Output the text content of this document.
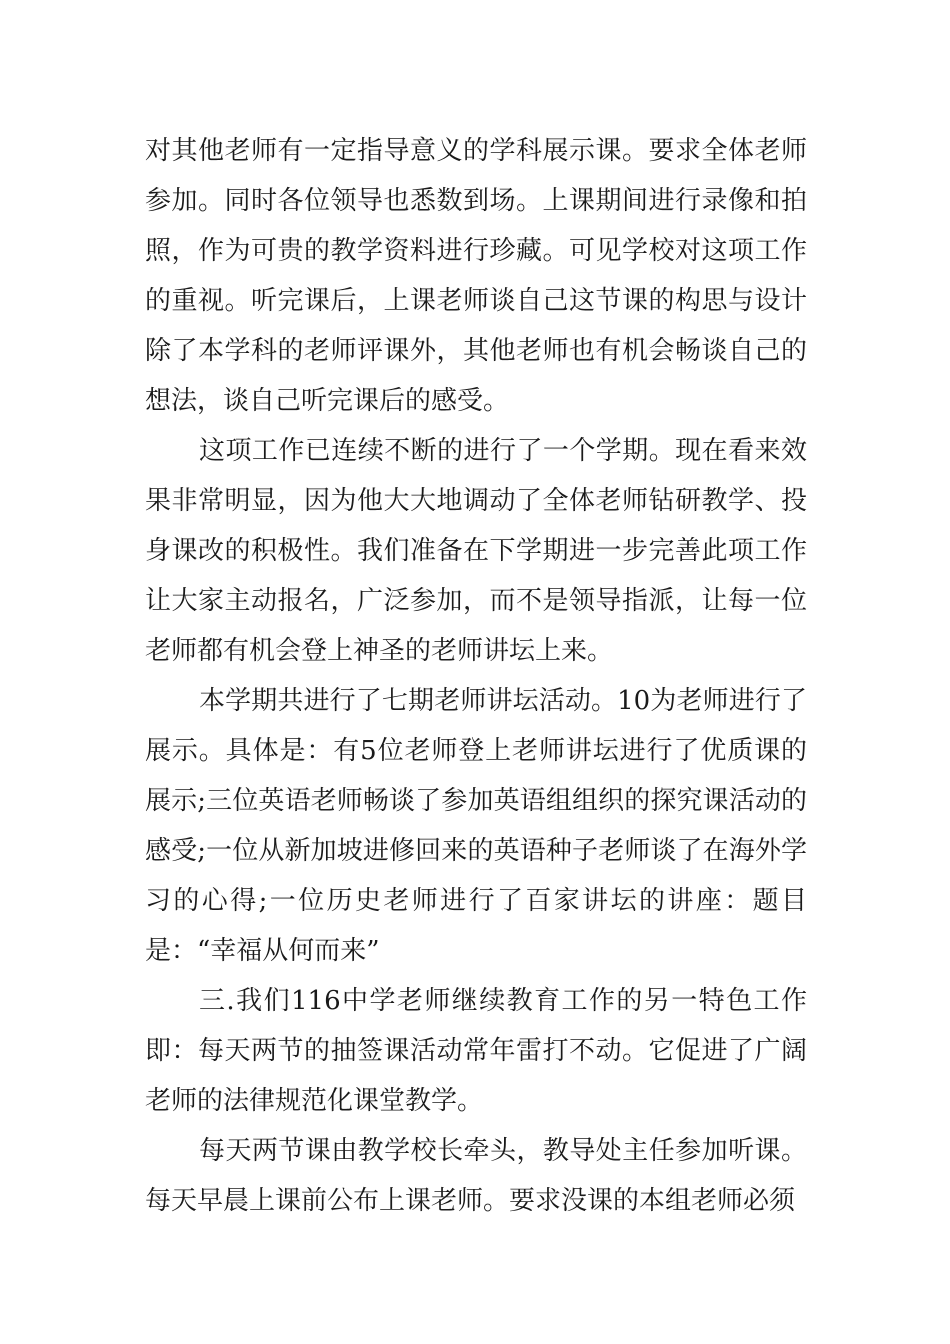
对其他老师有一定指导意义的学科展示课。要求全体老师参加。同时各位领导也悉数到场。上课期间进行录像和拍照，作为可贵的教学资料进行珍藏。可见学校对这项工作的重视。听完课后，上课老师谈自己这节课的构思与设计除了本学科的老师评课外，其他老师也有机会畅谈自己的想法，谈自己听完课后的感受。

这项工作已连续不断的进行了一个学期。现在看来效果非常明显，因为他大大地调动了全体老师钻研教学、投身课改的积极性。我们准备在下学期进一步完善此项工作让大家主动报名，广泛参加，而不是领导指派，让每一位老师都有机会登上神圣的老师讲坛上来。

本学期共进行了七期老师讲坛活动。10为老师进行了展示。具体是：有5位老师登上老师讲坛进行了优质课的展示;三位英语老师畅谈了参加英语组组织的探究课活动的感受;一位从新加坡进修回来的英语种子老师谈了在海外学习的心得;一位历史老师进行了百家讲坛的讲座：题目是：“幸福从何而来”

三.我们116中学老师继续教育工作的另一特色工作即：每天两节的抽签课活动常年雷打不动。它促进了广阔老师的法律规范化课堂教学。

每天两节课由教学校长牵头，教导处主任参加听课。每天早晨上课前公布上课老师。要求没课的本组老师必须
